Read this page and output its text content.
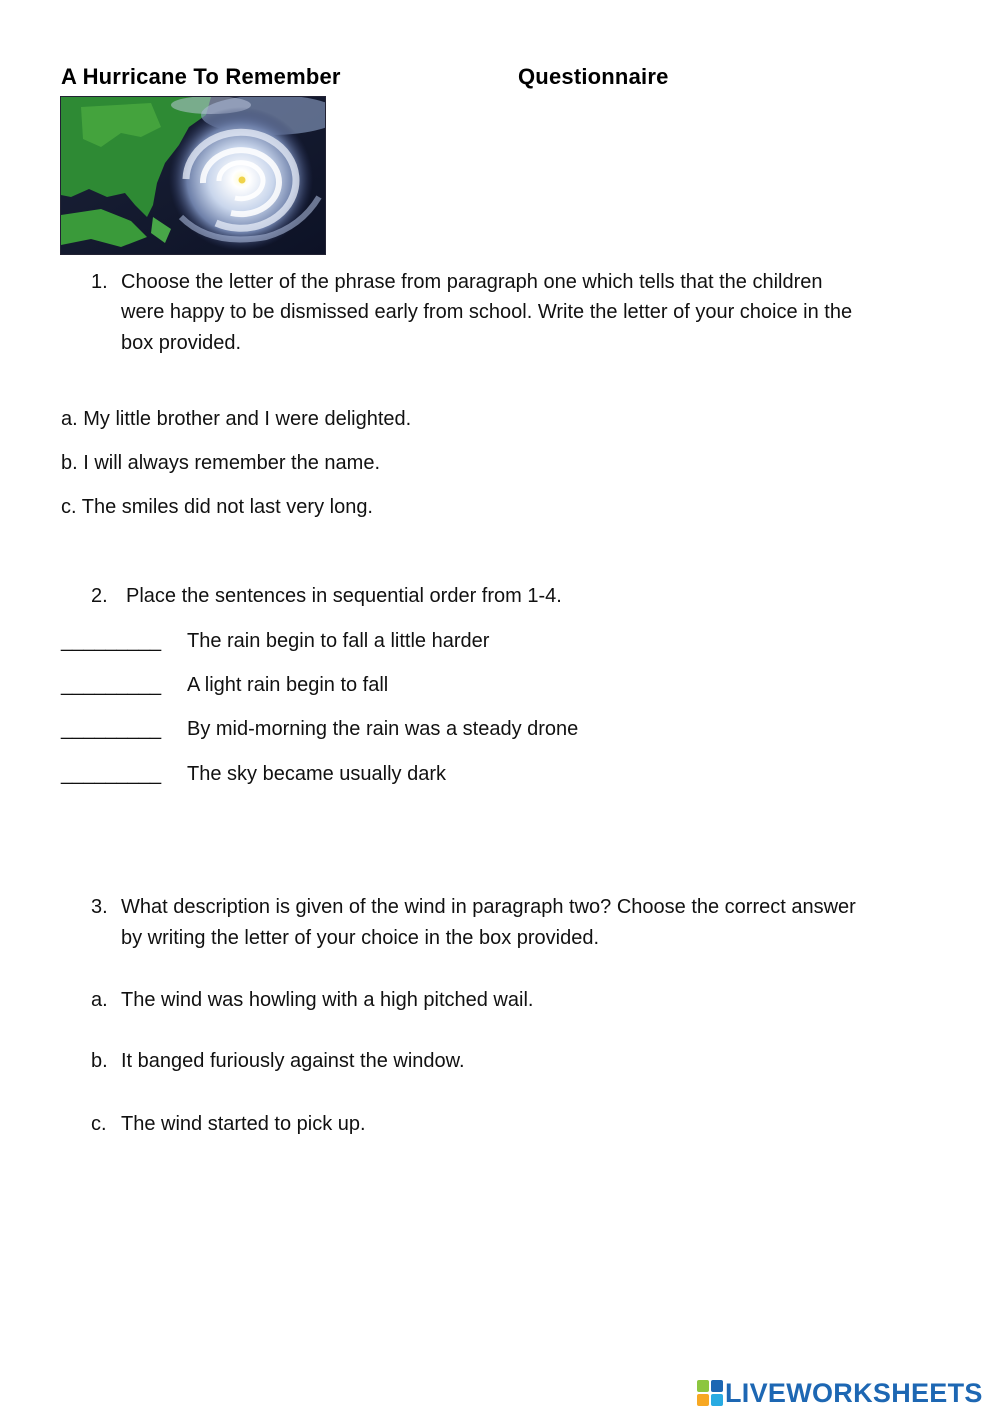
A Hurricane To Remember	Questionnaire
1. Choose the letter of the phrase from paragraph one which tells that the children
were happy to be dismissed early from school. Write the letter of your choice in the
box provided.
a. My little brother and I were delighted.
b. I will always remember the name.
c. The smiles did not last very long.
2. Place the sentences in sequential order from 1-4.
_________ The rain begin to fall a little harder
_________ A light rain begin to fall
_________ By mid-morning the rain was a steady drone
_________ The sky became usually dark
3. What description is given of the wind in paragraph two? Choose the correct answer
by writing the letter of your choice in the box provided.
a. The wind was howling with a high pitched wail.
b. It banged furiously against the window.
c. The wind started to pick up.
LIVEWORKSHEETS
